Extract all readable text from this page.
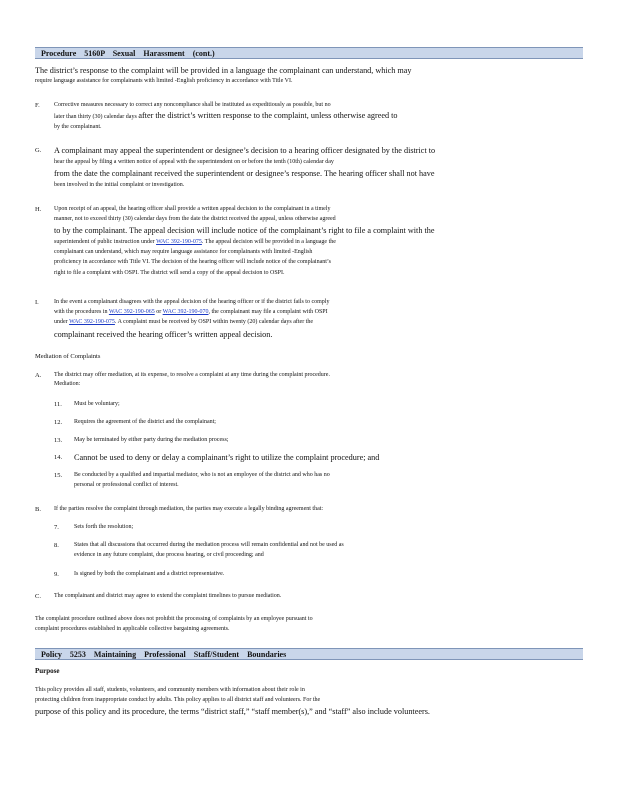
Procedure 5160P Sexual Harassment (cont.)
The district’s response to the complaint will be provided in a language the complainant can understand, which may
require language assistance for complainants with limited -English proficiency in accordance with Title VI.
F. Corrective measures necessary to correct any noncompliance shall be instituted as expeditiously as possible, but no
later than thirty (30) calendar days after the district’s written response to the complaint, unless otherwise agreed to
by the complainant.
G. A complainant may appeal the superintendent or designee’s decision to a hearing officer designated by the district to
hear the appeal by filing a written notice of appeal with the superintendent on or before the tenth (10th) calendar day
from the date the complainant received the superintendent or designee’s response. The hearing officer shall not have
been involved in the initial complaint or investigation.
H. Upon receipt of an appeal, the hearing officer shall provide a written appeal decision to the complainant in a timely
manner, not to exceed thirty (30) calendar days from the date the district received the appeal, unless otherwise agreed
to by the complainant. The appeal decision will include notice of the complainant’s right to file a complaint with the
superintendent of public instruction under WAC 392-190-075. The appeal decision will be provided in a language the
complainant can understand, which may require language assistance for complainants with limited -English
proficiency in accordance with Title VI. The decision of the hearing officer will include notice of the complainant’s
right to file a complaint with OSPI. The district will send a copy of the appeal decision to OSPI.
I.	In the event a complainant disagrees with the appeal decision of the hearing officer or if the district fails to comply
with the procedures in WAC 392-190-065 or WAC 392-190-070, the complainant may file a complaint with OSPI
under WAC 392-190-075. A complaint must be received by OSPI within twenty (20) calendar days after the
complainant received the hearing officer’s written appeal decision.
Mediation of Complaints
A. The district may offer mediation, at its expense, to resolve a complaint at any time during the complaint procedure.
Mediation:
11. Must be voluntary;
12. Requires the agreement of the district and the complainant;
13. May be terminated by either party during the mediation process;
14. Cannot be used to deny or delay a complainant’s right to utilize the complaint procedure; and
15. Be conducted by a qualified and impartial mediator, who is not an employee of the district and who has no
personal or professional conflict of interest.
B. If the parties resolve the complaint through mediation, the parties may execute a legally binding agreement that:
7.	Sets forth the resolution;
8.	States that all discussions that occurred during the mediation process will remain confidential and not be used as
evidence in any future complaint, due process hearing, or civil proceeding; and
9.	Is signed by both the complainant and a district representative.
C. The complainant and district may agree to extend the complaint timelines to pursue mediation.
The complaint procedure outlined above does not prohibit the processing of complaints by an employee pursuant to
complaint procedures established in applicable collective bargaining agreements.
Policy 5253 Maintaining Professional Staff/Student Boundaries
Purpose
This policy provides all staff, students, volunteers, and community members with information about their role in
protecting children from inappropriate conduct by adults. This policy applies to all district staff and volunteers. For the
purpose of this policy and its procedure, the terms “district staff,” “staff member(s),” and “staff” also include volunteers.
